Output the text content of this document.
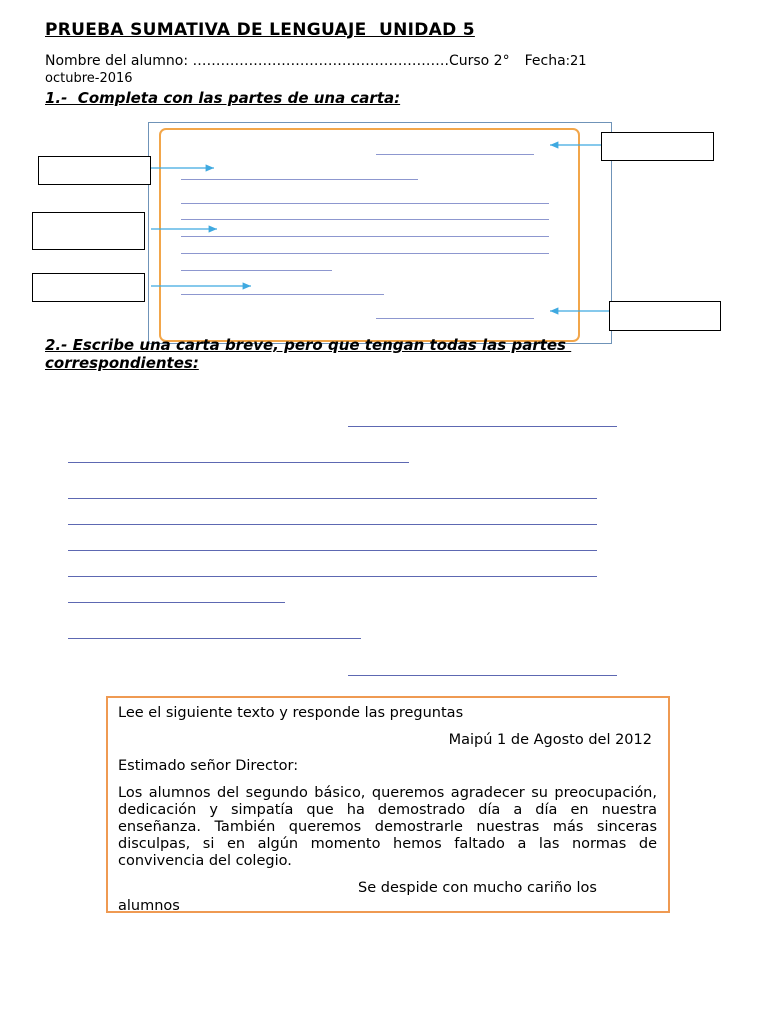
PRUEBA SUMATIVA DE LENGUAJE  UNIDAD 5
Nombre del alumno: ……………………………………………….Curso 2° Fecha:21
octubre-2016
1.-  Completa con las partes de una carta:
2.- Escribe una carta breve, pero que tengan todas las partes
correspondientes:

Lee el siguiente texto y responde las preguntas

Maipú 1 de Agosto del 2012

Estimado señor Director:

Los alumnos del segundo básico, queremos agradecer su preocupación, dedicación y simpatía que ha demostrado día a día en nuestra enseñanza. También queremos demostrarle nuestras más sinceras disculpas, si en algún momento hemos faltado a las normas de convivencia del colegio.

Se despide con mucho cariño los

alumnos
